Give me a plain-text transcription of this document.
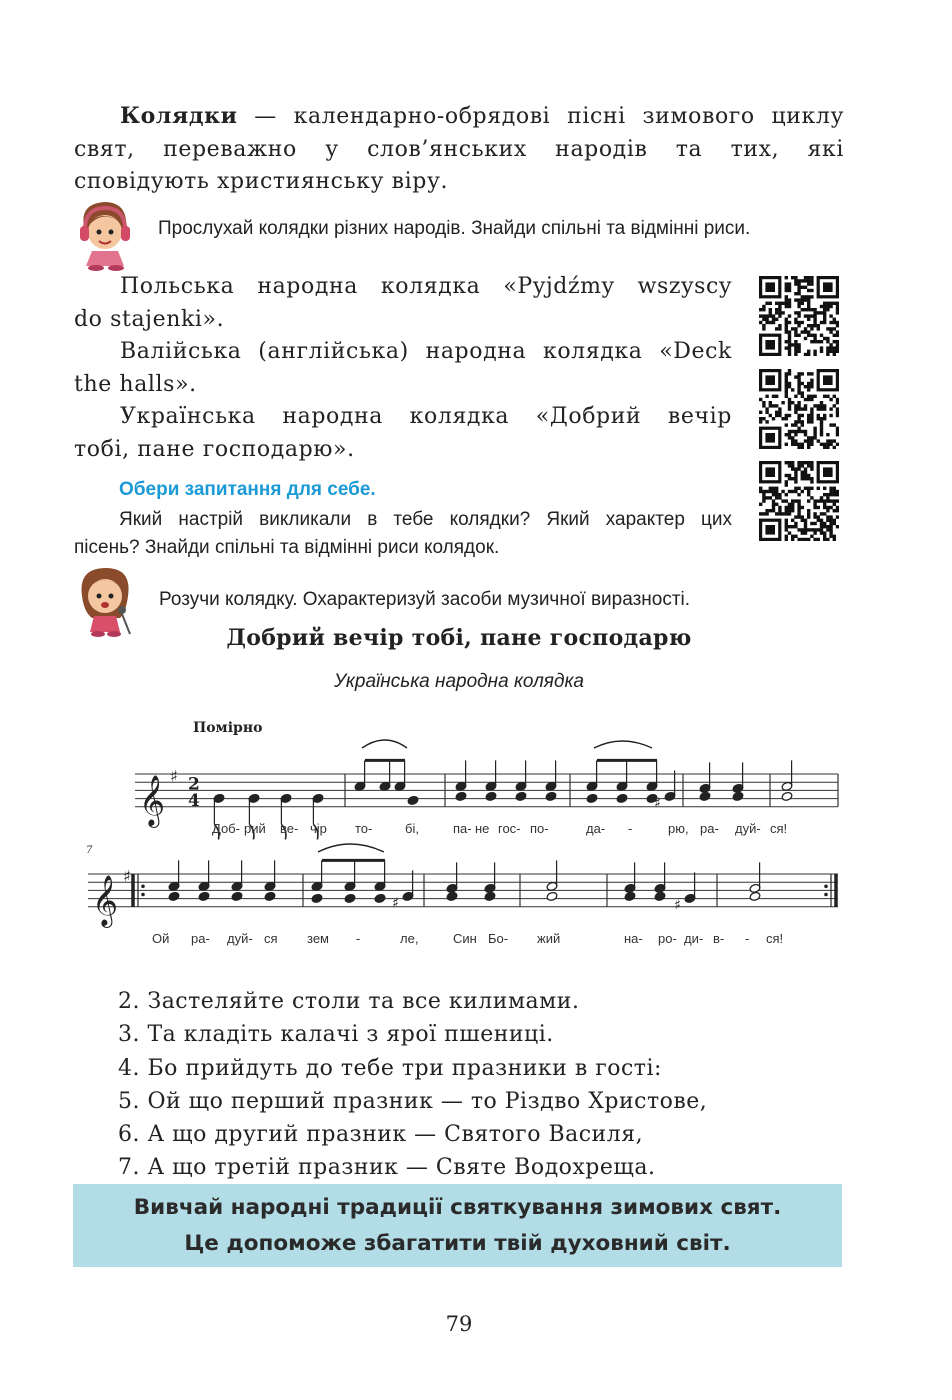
Колядки — календарно-обрядові пісні зимового циклу
свят, переважно у слов’янських народів та тих, які
сповідують християнську віру.
Прослухай колядки різних народів. Знайди спільні та відмінні риси.
Польська народна колядка «Pyjdźmy wszyscy
do stajenki».
Валійська (англійська) народна колядка «Deck
the halls».
Українська народна колядка «Добрий вечір
тобі, пане господарю».
Обери запитання для себе.
Який настрій викликали в тебе колядки? Який характер цих
пісень? Знайди спільні та відмінні риси колядок.
Розучи колядку. Охарактеризуй засоби музичної виразності.
Добрий вечір тобі, пане господарю
Українська народна колядка
Помірно
7
𝄞 ♯ 2
4	♯
𝄞 ♯
♯	♯
Доб- рий ве- чір то-	бі,	па- не гос- по-	да- -	рю, ра- дуй- ся!
Ой ра- дуй- ся зем -	ле,	Син Бо- жий	на- ро- ди- в- - ся!
2. Застеляйте столи та все килимами.
3. Та кладіть калачі з ярої пшениці.
4. Бо прийдуть до тебе три празники в гості:
5. Ой що перший празник — то Різдво Христове,
6. А що другий празник — Святого Василя,
7. А що третій празник — Святе Водохреща.
Вивчай народні традиції святкування зимових свят.
Це допоможе збагатити твій духовний світ.
79
